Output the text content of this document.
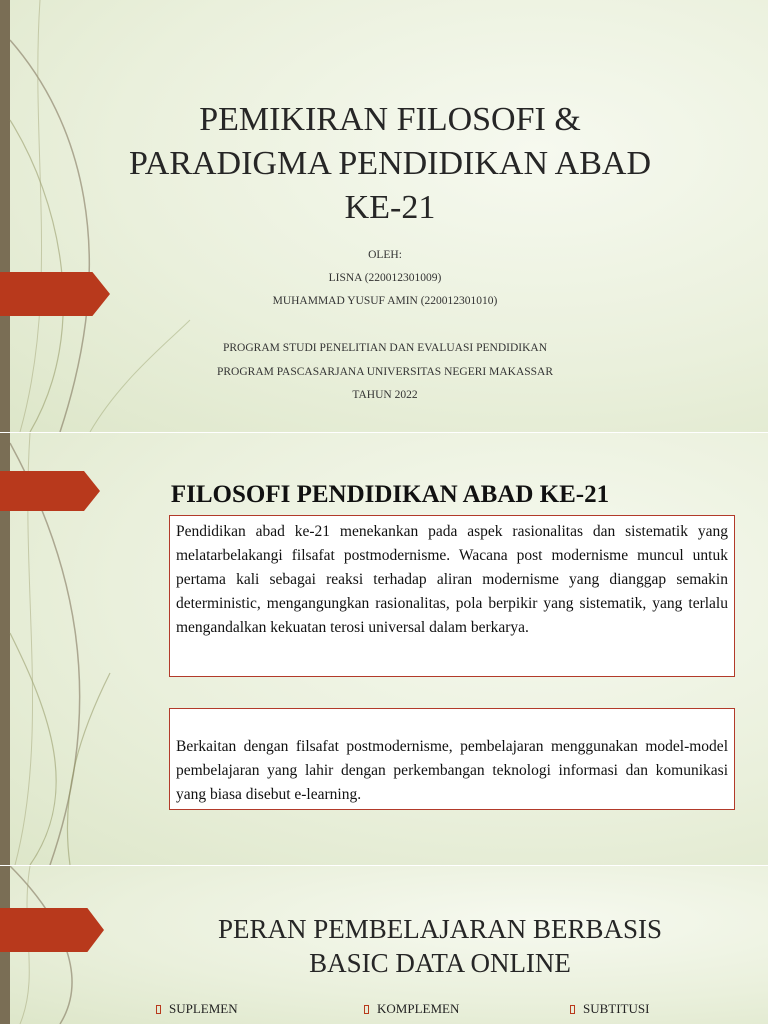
PEMIKIRAN FILOSOFI &
PARADIGMA PENDIDIKAN ABAD
KE-21
OLEH:
LISNA (220012301009)
MUHAMMAD YUSUF AMIN (220012301010)
PROGRAM STUDI PENELITIAN DAN EVALUASI PENDIDIKAN
PROGRAM PASCASARJANA UNIVERSITAS NEGERI MAKASSAR
TAHUN 2022
FILOSOFI PENDIDIKAN ABAD KE-21
Pendidikan abad ke-21 menekankan pada aspek rasionalitas dan sistematik yang melatarbelakangi filsafat postmodernisme. Wacana post modernisme muncul untuk pertama kali sebagai reaksi terhadap aliran modernisme yang dianggap semakin deterministic, mengangungkan rasionalitas, pola berpikir yang sistematik, yang terlalu mengandalkan kekuatan terosi universal dalam berkarya.
Berkaitan dengan filsafat postmodernisme, pembelajaran menggunakan model-model pembelajaran yang lahir dengan perkembangan teknologi informasi dan komunikasi yang biasa disebut e-learning.
PERAN PEMBELAJARAN BERBASIS
BASIC DATA ONLINE
SUPLEMEN	KOMPLEMEN	SUBTITUSI
